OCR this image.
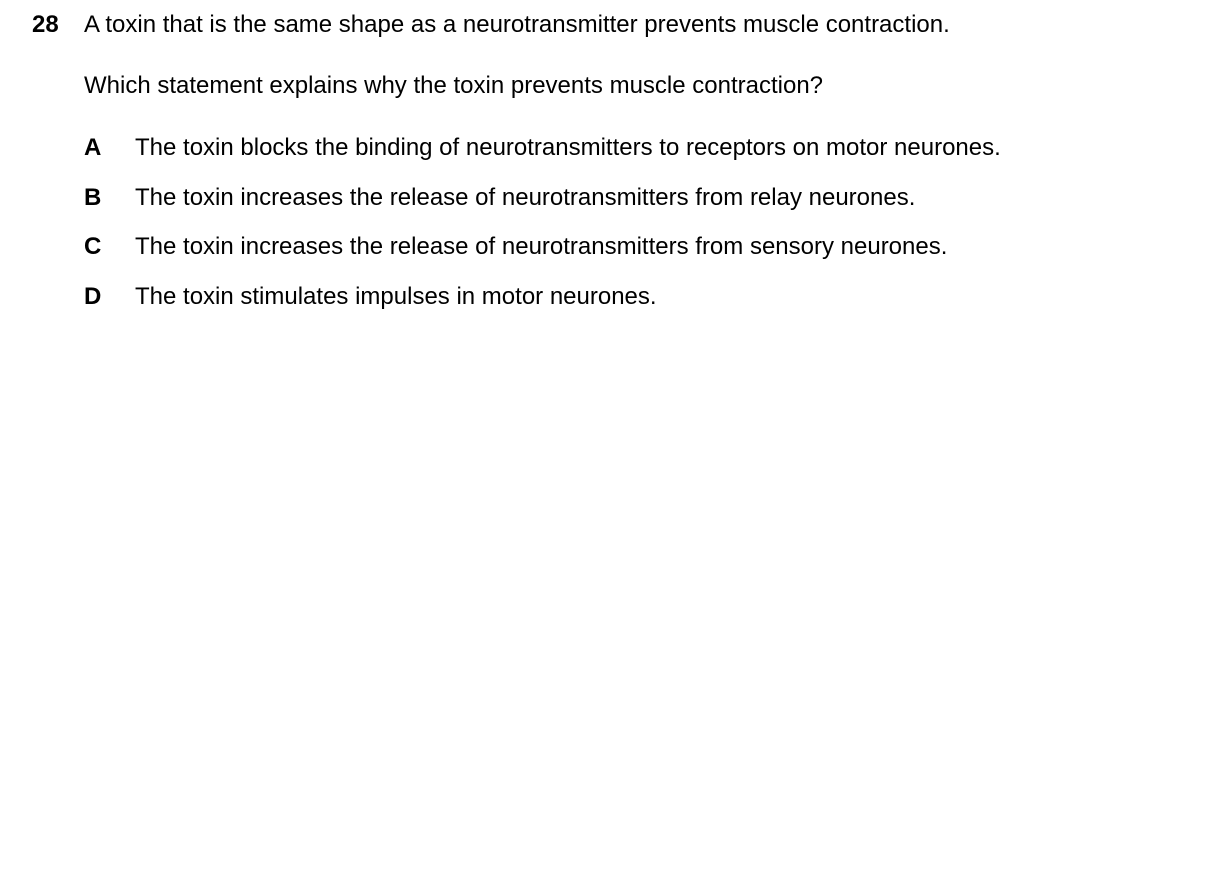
28 A toxin that is the same shape as a neurotransmitter prevents muscle contraction.
Which statement explains why the toxin prevents muscle contraction?
A The toxin blocks the binding of neurotransmitters to receptors on motor neurones.
B The toxin increases the release of neurotransmitters from relay neurones.
C The toxin increases the release of neurotransmitters from sensory neurones.
D The toxin stimulates impulses in motor neurones.
